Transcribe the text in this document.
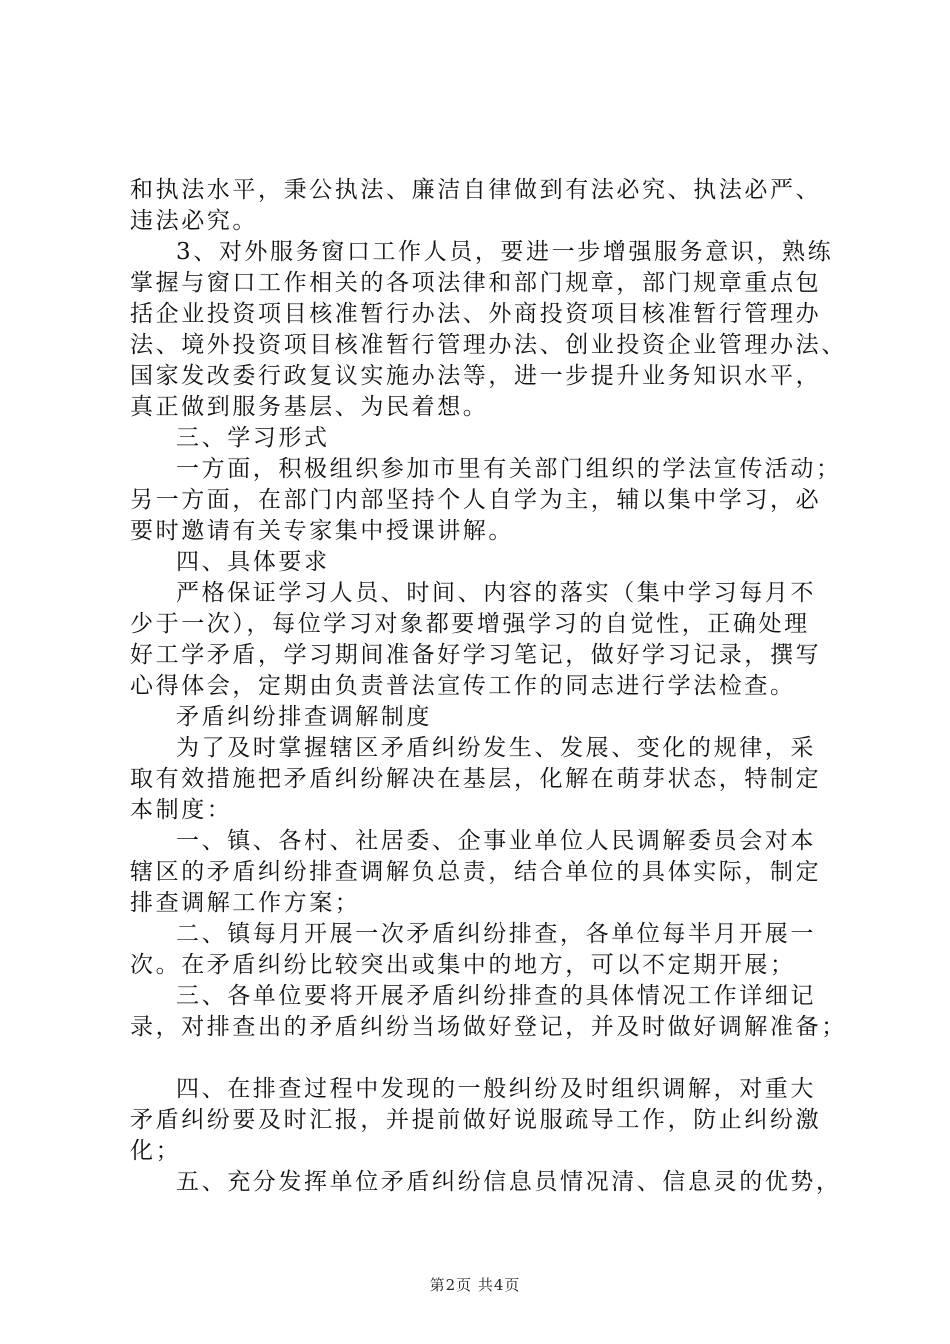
和执法水平，秉公执法、廉洁自律做到有法必究、执法必严、
违法必究。
3、对外服务窗口工作人员，要进一步增强服务意识，熟练
掌握与窗口工作相关的各项法律和部门规章，部门规章重点包
括企业投资项目核准暂行办法、外商投资项目核准暂行管理办
法、境外投资项目核准暂行管理办法、创业投资企业管理办法、
国家发改委行政复议实施办法等，进一步提升业务知识水平，
真正做到服务基层、为民着想。
三、学习形式
一方面，积极组织参加市里有关部门组织的学法宣传活动；
另一方面，在部门内部坚持个人自学为主，辅以集中学习，必
要时邀请有关专家集中授课讲解。
四、具体要求
严格保证学习人员、时间、内容的落实（集中学习每月不
少于一次），每位学习对象都要增强学习的自觉性，正确处理
好工学矛盾，学习期间准备好学习笔记，做好学习记录，撰写
心得体会，定期由负责普法宣传工作的同志进行学法检查。
矛盾纠纷排查调解制度
为了及时掌握辖区矛盾纠纷发生、发展、变化的规律，采
取有效措施把矛盾纠纷解决在基层，化解在萌芽状态，特制定
本制度：
一、镇、各村、社居委、企事业单位人民调解委员会对本
辖区的矛盾纠纷排查调解负总责，结合单位的具体实际，制定
排查调解工作方案；
二、镇每月开展一次矛盾纠纷排查，各单位每半月开展一
次。在矛盾纠纷比较突出或集中的地方，可以不定期开展；
三、各单位要将开展矛盾纠纷排查的具体情况工作详细记
录，对排查出的矛盾纠纷当场做好登记，并及时做好调解准备；
四、在排查过程中发现的一般纠纷及时组织调解，对重大
矛盾纠纷要及时汇报，并提前做好说服疏导工作，防止纠纷激
化；
五、充分发挥单位矛盾纠纷信息员情况清、信息灵的优势，
第2页 共4页
